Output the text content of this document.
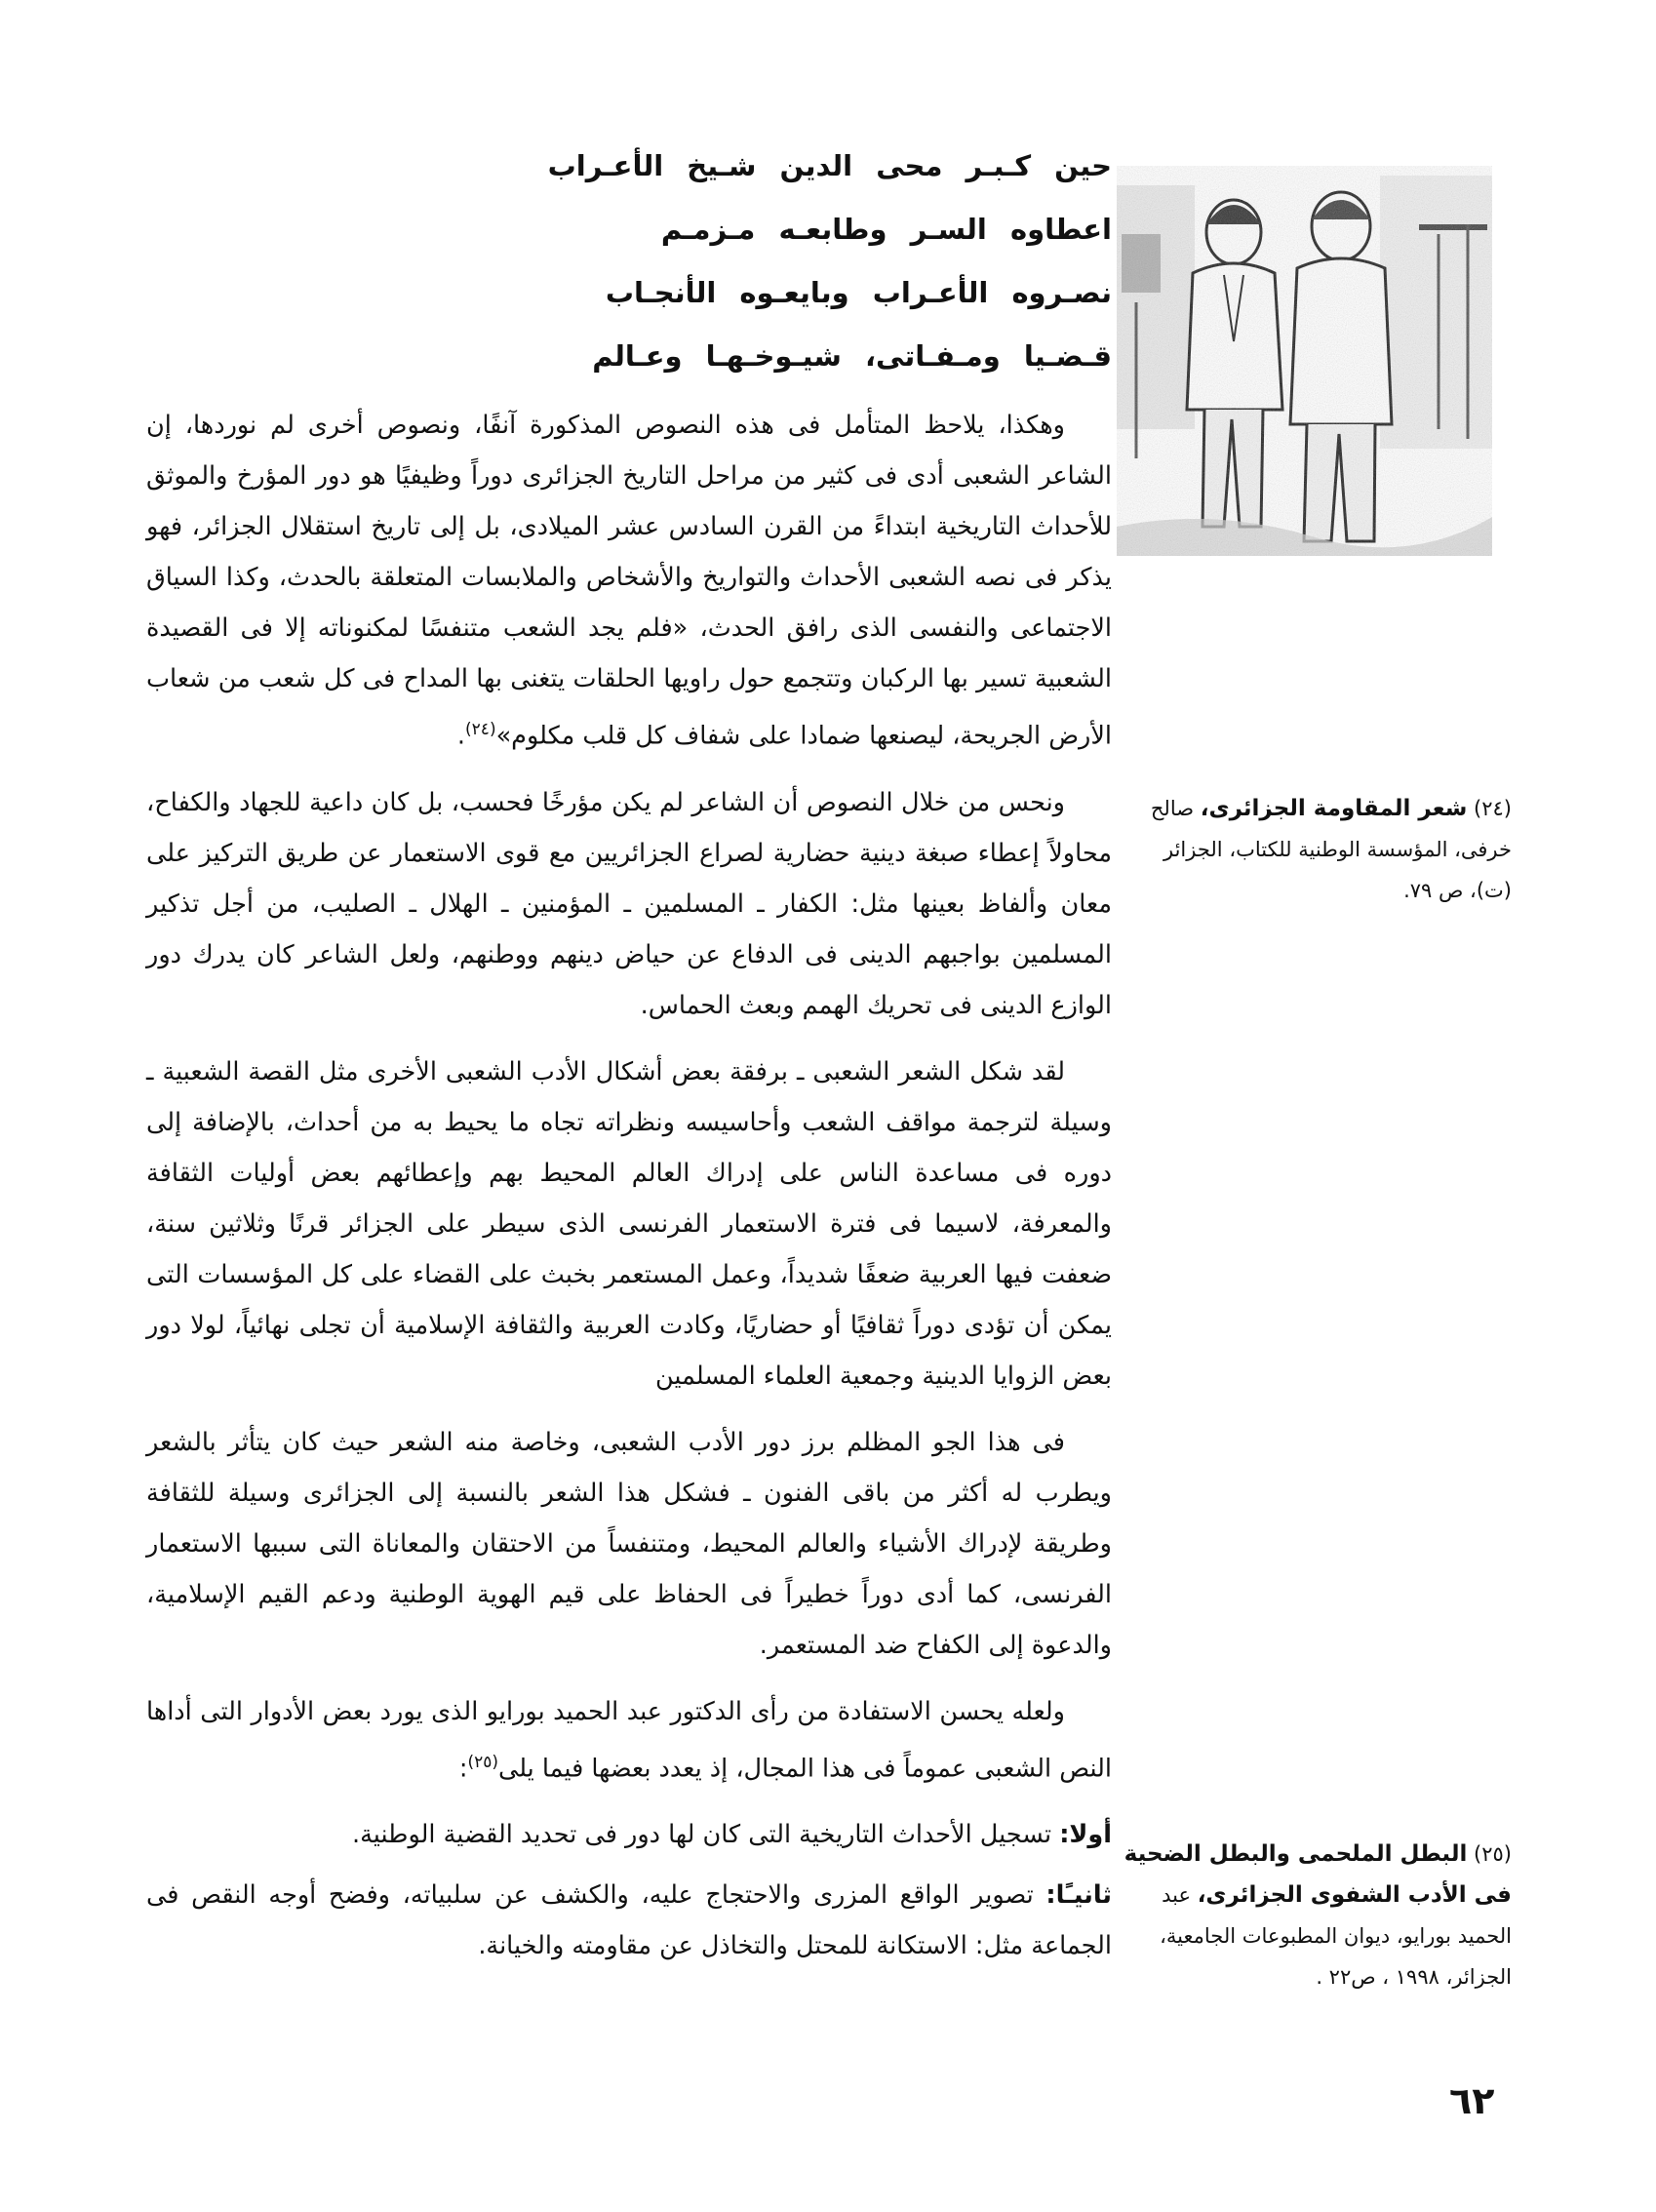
حين كـبـر محى الدين شـيخ الأعـراب
اعطاوه السـر وطابعـه مـزمـم
نصـروه الأعـراب وبايعـوه الأنجـاب
قـضـيا ومـفـاتى، شيـوخـهـا وعـالم

وهكذا، يلاحظ المتأمل فى هذه النصوص المذكورة آنفًا، ونصوص أخرى لم نوردها، إن الشاعر الشعبى أدى فى كثير من مراحل التاريخ الجزائرى دوراً وظيفيًا هو دور المؤرخ والموثق للأحداث التاريخية ابتداءً من القرن السادس عشر الميلادى، بل إلى تاريخ استقلال الجزائر، فهو يذكر فى نصه الشعبى الأحداث والتواريخ والأشخاص والملابسات المتعلقة بالحدث، وكذا السياق الاجتماعى والنفسى الذى رافق الحدث، «فلم يجد الشعب متنفسًا لمكنوناته إلا فى القصيدة الشعبية تسير بها الركبان وتتجمع حول راويها الحلقات يتغنى بها المداح فى كل شعب من شعاب الأرض الجريحة، ليصنعها ضمادا على شفاف كل قلب مكلوم»$^{(٢٤)}$.

ونحس من خلال النصوص أن الشاعر لم يكن مؤرخًا فحسب، بل كان داعية للجهاد والكفاح، محاولاً إعطاء صبغة دينية حضارية لصراع الجزائريين مع قوى الاستعمار عن طريق التركيز على معان وألفاظ بعينها مثل: الكفار ـ المسلمين ـ المؤمنين ـ الهلال ـ الصليب، من أجل تذكير المسلمين بواجبهم الدينى فى الدفاع عن حياض دينهم ووطنهم، ولعل الشاعر كان يدرك دور الوازع الدينى فى تحريك الهمم وبعث الحماس.

لقد شكل الشعر الشعبى ـ برفقة بعض أشكال الأدب الشعبى الأخرى مثل القصة الشعبية ـ وسيلة لترجمة مواقف الشعب وأحاسيسه ونظراته تجاه ما يحيط به من أحداث، بالإضافة إلى دوره فى مساعدة الناس على إدراك العالم المحيط بهم وإعطائهم بعض أوليات الثقافة والمعرفة، لاسيما فى فترة الاستعمار الفرنسى الذى سيطر على الجزائر قرنًا وثلاثين سنة، ضعفت فيها العربية ضعفًا شديداً، وعمل المستعمر بخبث على القضاء على كل المؤسسات التى يمكن أن تؤدى دوراً ثقافيًا أو حضاريًا، وكادت العربية والثقافة الإسلامية أن تجلى نهائياً، لولا دور بعض الزوايا الدينية وجمعية العلماء المسلمين

فى هذا الجو المظلم برز دور الأدب الشعبى، وخاصة منه الشعر حيث كان يتأثر بالشعر ويطرب له أكثر من باقى الفنون ـ فشكل هذا الشعر بالنسبة إلى الجزائرى وسيلة للثقافة وطريقة لإدراك الأشياء والعالم المحيط، ومتنفساً من الاحتقان والمعاناة التى سببها الاستعمار الفرنسى، كما أدى دوراً خطيراً فى الحفاظ على قيم الهوية الوطنية ودعم القيم الإسلامية، والدعوة إلى الكفاح ضد المستعمر.

ولعله يحسن الاستفادة من رأى الدكتور عبد الحميد بورايو الذى يورد بعض الأدوار التى أداها النص الشعبى عموماً فى هذا المجال، إذ يعدد بعضها فيما يلى$^{(٢٥)}$:

أولا: تسجيل الأحداث التاريخية التى كان لها دور فى تحديد القضية الوطنية.

ثانيـًا: تصوير الواقع المزرى والاحتجاج عليه، والكشف عن سلبياته، وفضح أوجه النقص فى الجماعة مثل: الاستكانة للمحتل والتخاذل عن مقاومته والخيانة.

(٢٤) شعر المقاومة الجزائرى، صالح خرفى، المؤسسة الوطنية للكتاب، الجزائر (ت)، ص ٧٩.
(٢٥) البطل الملحمى والبطل الضحية فى الأدب الشفوى الجزائرى، عبد الحميد بورايو، ديوان المطبوعات الجامعية، الجزائر، ١٩٩٨ ، ص٢٢ .
٦٢
